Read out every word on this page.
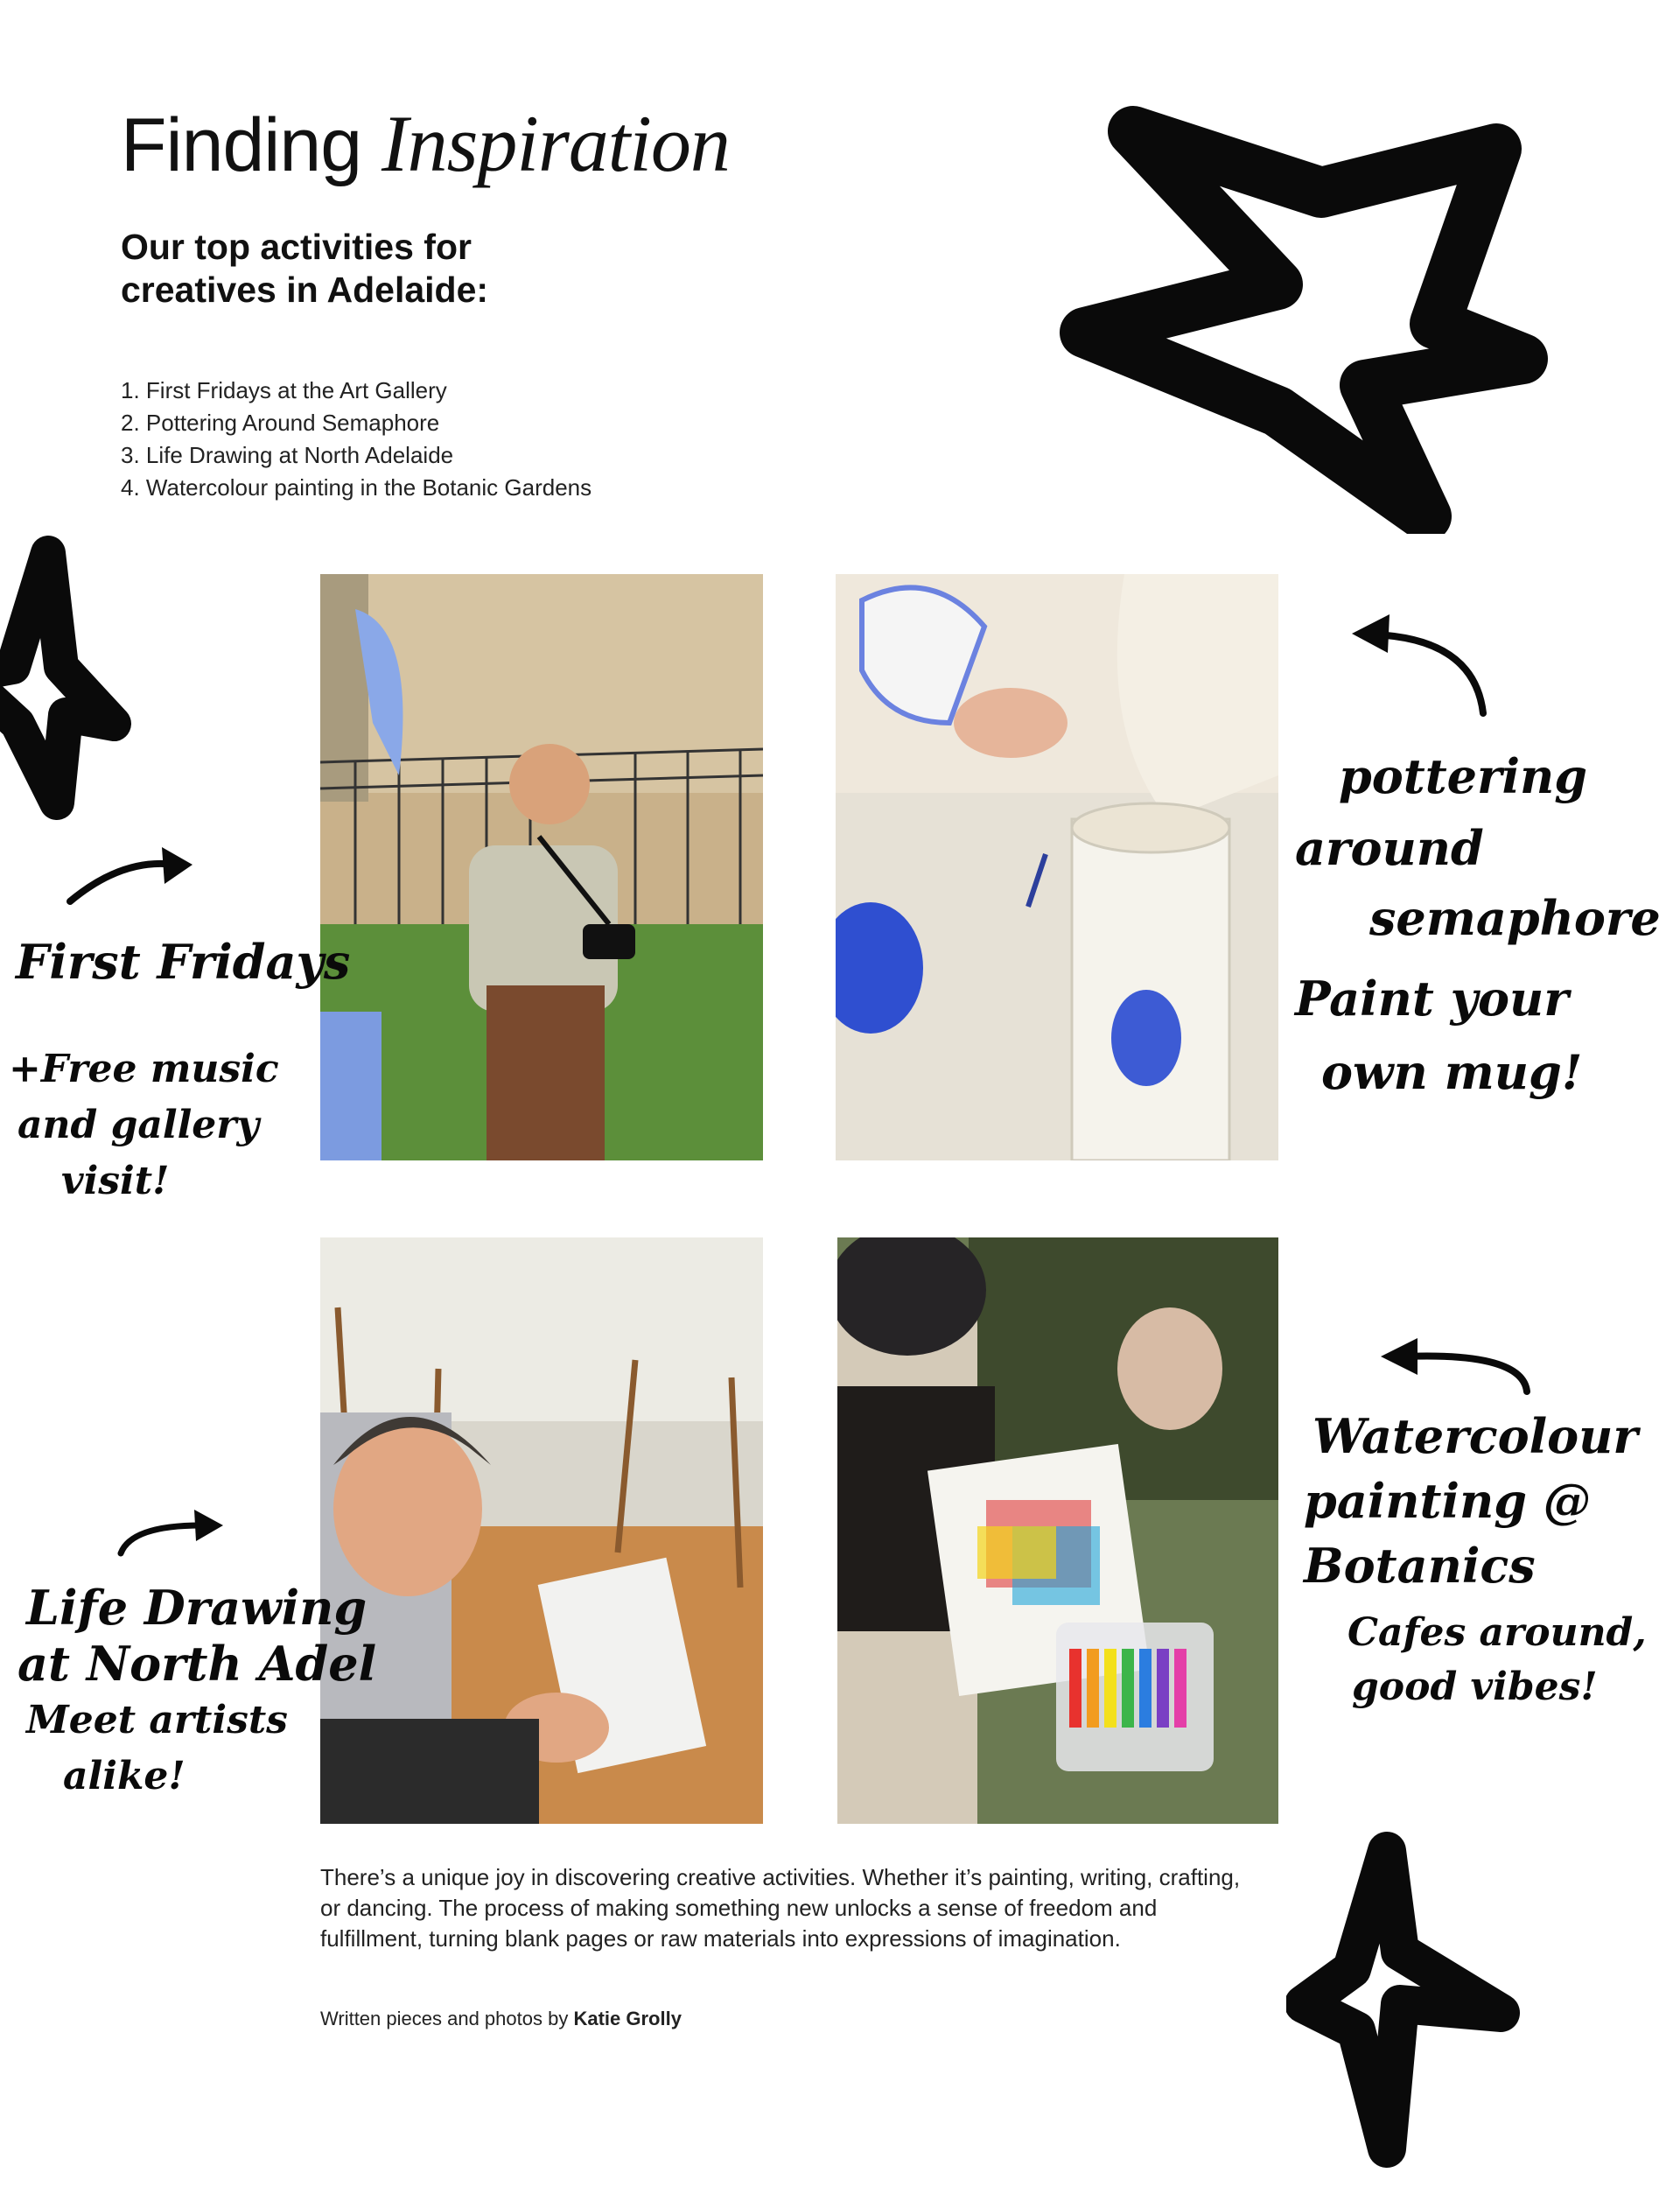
Finding Inspiration
Our top activities for
creatives in Adelaide:
1. First Fridays at the Art Gallery
2. Pottering Around Semaphore
3. Life Drawing at North Adelaide
4. Watercolour painting in the Botanic Gardens
First Fridays
+Free music
and gallery
visit!
pottering
around
semaphore
Paint your
own mug!
Life Drawing
at North Adel
Meet artists
alike!
Watercolour
painting @
Botanics
Cafes around,
good vibes!

There’s a unique joy in discovering creative activities. Whether it’s painting, writing, crafting, or dancing. The process of making something new unlocks a sense of freedom and fulfillment, turning blank pages or raw materials into expressions of imagination.

Written pieces and photos by Katie Grolly
